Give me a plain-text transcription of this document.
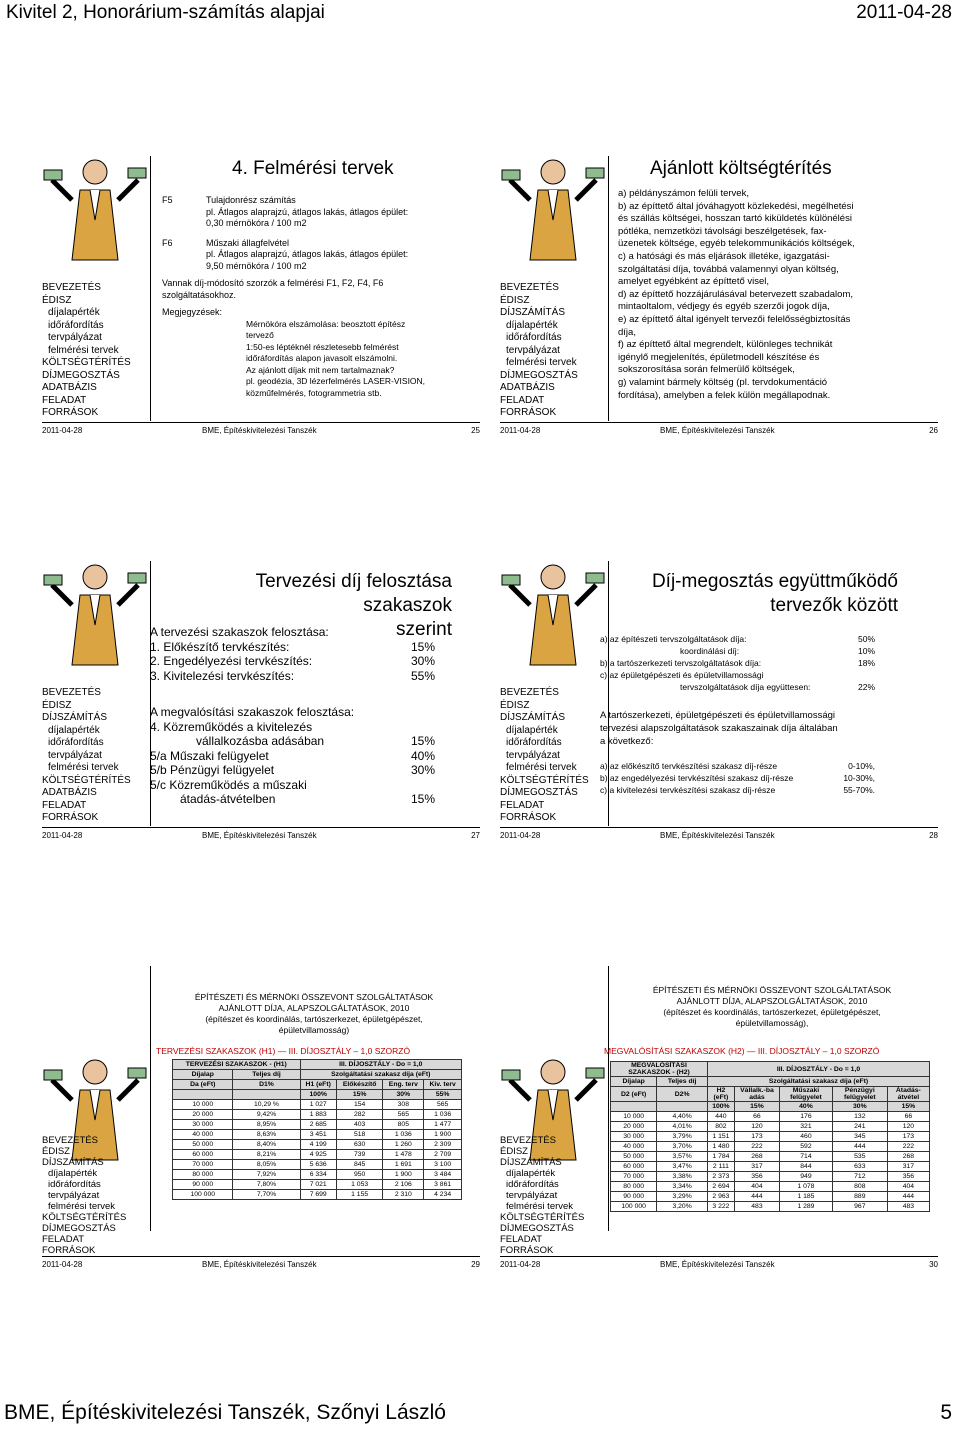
Kivitel 2, Honorárium-számítás alapjai	2011-04-28
BEVEZETÉS
ÉDISZ
díjalapérték
időráfordítás
tervpályázat
felmérési tervek
KÖLTSÉGTÉRÍTÉS
DÍJMEGOSZTÁS
ADATBÁZIS
FELADAT
FORRÁSOK
4. Felmérési tervek
F5	Tulajdonrész számítás
pl. Átlagos alaprajzú, átlagos lakás, átlagos épület:
0,30 mérnökóra / 100 m2
F6	Műszaki állagfelvétel
pl. Átlagos alaprajzú, átlagos lakás, átlagos épület:
9,50 mérnökóra / 100 m2
Vannak díj-módosító szorzók a felmérési F1, F2, F4, F6
szolgáltatásokhoz.
Megjegyzések:
Mérnökóra elszámolása: beosztott építész
tervező
1:50-es léptéknél részletesebb felmérést
időráfordítás alapon javasolt elszámolni.
Az ajánlott díjak mit nem tartalmaznak?
pl. geodézia, 3D lézerfelmérés LASER-VISION,
közműfelmérés, fotogrammetria stb.
2011-04-28	BME, Építéskivitelezési Tanszék	25
BEVEZETÉS
ÉDISZ
DÍJSZÁMÍTÁS
díjalapérték
időráfordítás
tervpályázat
felmérési tervek
DÍJMEGOSZTÁS
ADATBÁZIS
FELADAT
FORRÁSOK
Ajánlott költségtérítés
a) példányszámon felüli tervek,
b) az építtető által jóváhagyott közlekedési, megélhetési
és szállás költségei, hosszan tartó kiküldetés különélési
pótléka, nemzetközi távolsági beszélgetések, fax-
üzenetek költsége, egyéb telekommunikációs költségek,
c) a hatósági és más eljárások illetéke, igazgatási-
szolgáltatási díja, továbbá valamennyi olyan költség,
amelyet egyébként az építtető visel,
d) az építtető hozzájárulásával betervezett szabadalom,
mintaoltalom, védjegy és egyéb szerzői jogok díja,
e) az építtető által igényelt tervezői felelősségbiztosítás
díja,
f) az építtető által megrendelt, különleges technikát
igénylő megjelenítés, épületmodell készítése és
sokszorosítása során felmerülő költségek,
g) valamint bármely költség (pl. tervdokumentáció
fordítása), amelyben a felek külön megállapodnak.
2011-04-28	BME, Építéskivitelezési Tanszék	26
BEVEZETÉS
ÉDISZ
DÍJSZÁMÍTÁS
díjalapérték
időráfordítás
tervpályázat
felmérési tervek
KÖLTSÉGTÉRÍTÉS
ADATBÁZIS
FELADAT
FORRÁSOK
Tervezési díj felosztása szakaszok
szerint
A tervezési szakaszok felosztása:
1. Előkészítő tervkészítés:	15%
2. Engedélyezési tervkészítés:	30%
3. Kivitelezési tervkészítés:	55%
A megvalósítási szakaszok felosztása:
4. Közreműködés a kivitelezés
vállalkozásba adásában	15%
5/a Műszaki felügyelet	40%
5/b Pénzügyi felügyelet	30%
5/c Közreműködés a műszaki
átadás-átvételben	15%
2011-04-28	BME, Építéskivitelezési Tanszék	27
BEVEZETÉS
ÉDISZ
DÍJSZÁMÍTÁS
díjalapérték
időráfordítás
tervpályázat
felmérési tervek
KÖLTSÉGTÉRÍTÉS
DÍJMEGOSZTÁS
FELADAT
FORRÁSOK
Díj-megosztás együttműködő
tervezők között
a) az építészeti tervszolgáltatások díja:	50%
koordinálási díj:	10%
b) a tartószerkezeti tervszolgáltatások díja:	18%
c) az épületgépészeti és épületvillamossági
tervszolgáltatások díja együttesen:	22%
A tartószerkezeti, épületgépészeti és épületvillamossági
tervezési alapszolgáltatások szakaszainak díja általában
a következő:
a) az előkészítő tervkészítési szakasz díj-része	0-10%,
b) az engedélyezési tervkészítési szakasz díj-része	10-30%,
c) a kivitelezési tervkészítési szakasz díj-része	55-70%.
2011-04-28	BME, Építéskivitelezési Tanszék	28
BEVEZETÉS
ÉDISZ
DÍJSZÁMÍTÁS
díjalapérték
időráfordítás
tervpályázat
felmérési tervek
KÖLTSÉGTÉRÍTÉS
DÍJMEGOSZTÁS
FELADAT
FORRÁSOK
ÉPÍTÉSZETI ÉS MÉRNÖKI ÖSSZEVONT SZOLGÁLTATÁSOK
AJÁNLOTT DÍJA, ALAPSZOLGÁLTATÁSOK, 2010
(építészet és koordinálás, tartószerkezet, épületgépészet,
épületvillamosság)
TERVEZÉSI SZAKASZOK (H1) — III. DÍJOSZTÁLY – 1,0 SZORZÓ
TERVEZÉSI SZAKASZOK - (H1)		III. DÍJOSZTÁLY - Do = 1,0			
Díjalap	Teljes díj	Szolgáltatási szakasz díja (eFt)			
Da (eFt)	D1%	H1 (eFt)	Előkészítő	Eng. terv	Kiv. terv
		100%	15%	30%	55%
10 000	10,29 %	1 027	154	308	565
20 000	9,42%	1 883	282	565	1 036
30 000	8,95%	2 685	403	805	1 477
40 000	8,63%	3 451	518	1 036	1 900
50 000	8,40%	4 199	630	1 260	2 309
60 000	8,21%	4 925	739	1 478	2 709
70 000	8,05%	5 636	845	1 691	3 100
80 000	7,92%	6 334	950	1 900	3 484
90 000	7,80%	7 021	1 053	2 106	3 861
100 000	7,70%	7 699	1 155	2 310	4 234
2011-04-28	BME, Építéskivitelezési Tanszék	29
BEVEZETÉS
ÉDISZ
DÍJSZÁMÍTÁS
díjalapérték
időráfordítás
tervpályázat
felmérési tervek
KÖLTSÉGTÉRÍTÉS
DÍJMEGOSZTÁS
FELADAT
FORRÁSOK
ÉPÍTÉSZETI ÉS MÉRNÖKI ÖSSZEVONT SZOLGÁLTATÁSOK
AJÁNLOTT DÍJA, ALAPSZOLGÁLTATÁSOK, 2010
(építészet és koordinálás, tartószerkezet, épületgépészet,
épületvillamosság),
MEGVALÓSÍTÁSI SZAKASZOK (H2) — III. DÍJOSZTÁLY – 1,0 SZORZÓ
MEGVALÓSÍTÁSI SZAKASZOK - (H2)		III. DÍJOSZTÁLY - Do = 1,0				
Díjalap	Teljes díj	Szolgáltatási szakasz díja (eFt)				
D2 (eFt)	D2%	H2 (eFt)	Vállalk.-ba adás	Műszaki felügyelet	Pénzügyi felügyelet	Átadás-átvétel
		100%	15%	40%	30%	15%
10 000	4,40%	440	66	176	132	66
20 000	4,01%	802	120	321	241	120
30 000	3,79%	1 151	173	460	345	173
40 000	3,70%	1 480	222	592	444	222
50 000	3,57%	1 784	268	714	535	268
60 000	3,47%	2 111	317	844	633	317
70 000	3,38%	2 373	356	949	712	356
80 000	3,34%	2 694	404	1 078	808	404
90 000	3,29%	2 963	444	1 185	889	444
100 000	3,20%	3 222	483	1 289	967	483
2011-04-28	BME, Építéskivitelezési Tanszék	30
BME, Építéskivitelezési Tanszék, Szőnyi László	5
